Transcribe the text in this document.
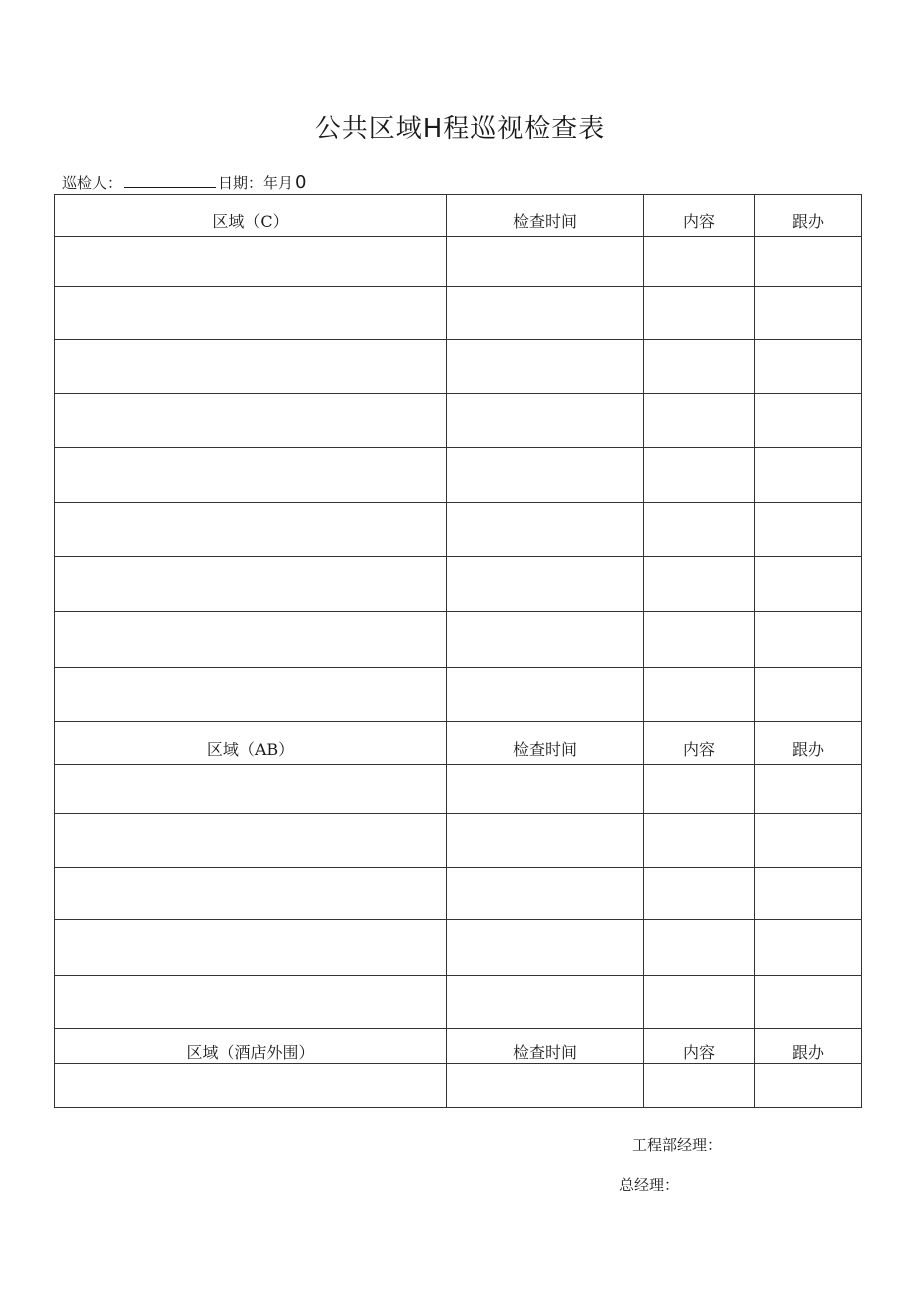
公共区域H程巡视检查表
巡检人：	日期：年月 0
区域（C）	检查时间	内容	跟办

区域（AB）	检查时间	内容	跟办

区域（酒店外围）	检查时间	内容	跟办

工程部经理：
总经理：
